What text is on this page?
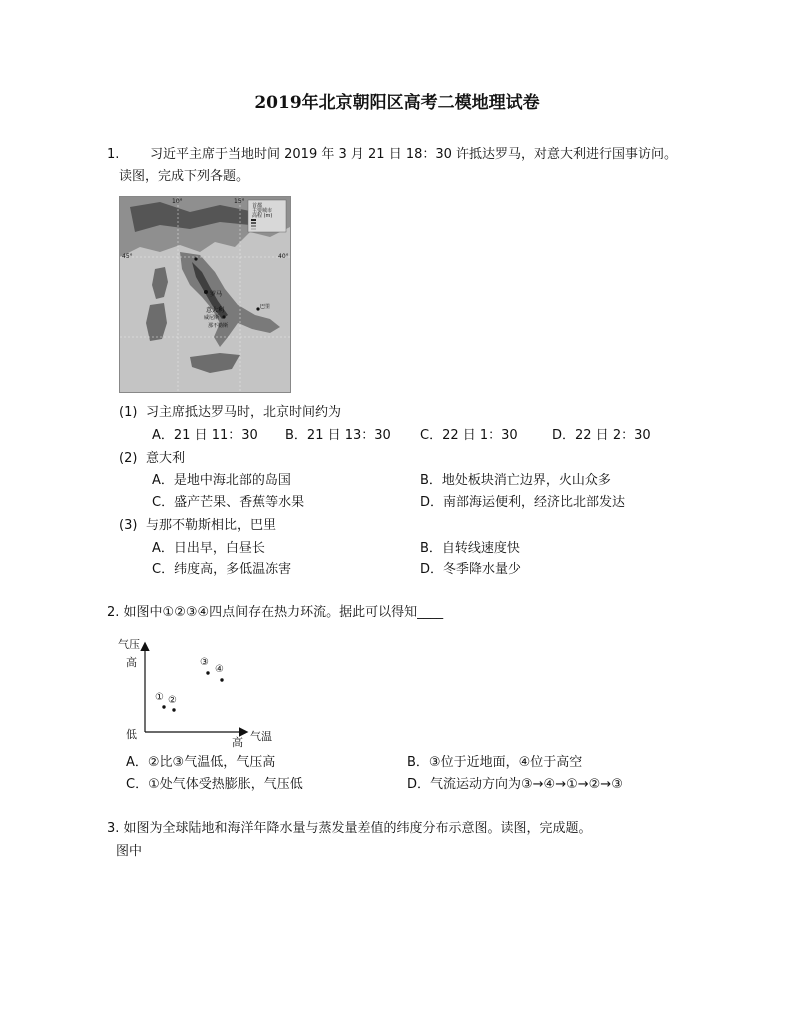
2019年北京朝阳区高考二模地理试卷
1. 习近平主席于当地时间 2019 年 3 月 21 日 18：30 许抵达罗马，对意大利进行国事访问。
读图，完成下列各题。
10°	15°
45°	40°
首都
主要城市
高程 (m)
罗马
意大利
威尼斯
那不勒斯
巴里
(1) 习主席抵达罗马时，北京时间约为
A．21 日 11：30 B．21 日 13：30 C．22 日 1：30	D．22 日 2：30
(2) 意大利
A．是地中海北部的岛国	B．地处板块消亡边界，火山众多
C．盛产芒果、香蕉等水果	D．南部海运便利，经济比北部发达
(3) 与那不勒斯相比，巴里
A．日出早，白昼长	B．自转线速度快
C．纬度高，多低温冻害	D．冬季降水量少
2. 如图中①②③④四点间存在热力环流。据此可以得知____
气压
高
低
高 气温
① ②
③
④
A．②比③气温低，气压高	B．③位于近地面，④位于高空
C．①处气体受热膨胀，气压低	D．气流运动方向为③→④→①→②→③
3. 如图为全球陆地和海洋年降水量与蒸发量差值的纬度分布示意图。读图，完成题。
图中
